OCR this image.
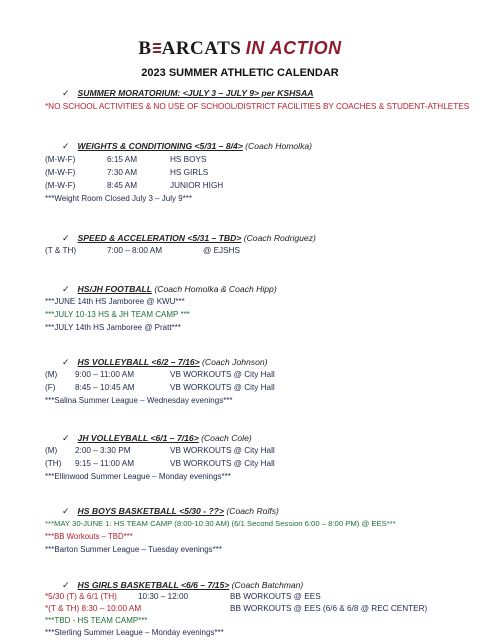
B ARCATS IN ACTION
2023 SUMMER ATHLETIC CALENDAR
✓ SUMMER MORATORIUM: <JULY 3 – JULY 9> per KSHSAA
*NO SCHOOL ACTIVITIES & NO USE OF SCHOOL/DISTRICT FACILITIES BY COACHES & STUDENT-ATHLETES
✓ WEIGHTS & CONDITIONING <5/31 – 8/4> (Coach Homolka)
(M-W-F)	6:15 AM	HS BOYS
(M-W-F)	7:30 AM	HS GIRLS
(M-W-F)	8:45 AM	JUNIOR HIGH
***Weight Room Closed July 3 – July 9***
✓ SPEED & ACCELERATION <5/31 – TBD> (Coach Rodriguez)
(T & TH)	7:00 – 8:00 AM	@ EJSHS
✓ HS/JH FOOTBALL (Coach Homolka & Coach Hipp)
***JUNE 14th HS Jamboree @ KWU***
***JULY 10-13 HS & JH TEAM CAMP ***
***JULY 14th HS Jamboree @ Pratt***
✓ HS VOLLEYBALL <6/2 – 7/16> (Coach Johnson)
(M) 9:00 – 11:00 AM	VB WORKOUTS @ City Hall
(F) 8:45 – 10:45 AM	VB WORKOUTS @ City Hall
***Salina Summer League – Wednesday evenings***
✓ JH VOLLEYBALL <6/1 – 7/16> (Coach Cole)
(M) 2:00 – 3:30 PM	VB WORKOUTS @ City Hall
(TH) 9:15 – 11:00 AM	VB WORKOUTS @ City Hall
***Ellinwood Summer League – Monday evenings***
✓ HS BOYS BASKETBALL <5/30 - ??> (Coach Rolfs)
***MAY 30-JUNE 1: HS TEAM CAMP (8:00-10:30 AM) (6/1 Second Session 6:00 – 8:00 PM) @ EES***
***BB Workouts – TBD***
***Barton Summer League – Tuesday evenings***
✓ HS GIRLS BASKETBALL <6/6 – 7/15> (Coach Batchman)
*5/30 (T) & 6/1 (TH)	10:30 – 12:00	BB WORKOUTS @ EES
*(T & TH) 8:30 – 10:00 AM	BB WORKOUTS @ EES (6/6 & 6/8 @ REC CENTER)
***TBD - HS TEAM CAMP***
***Sterling Summer League – Monday evenings***
